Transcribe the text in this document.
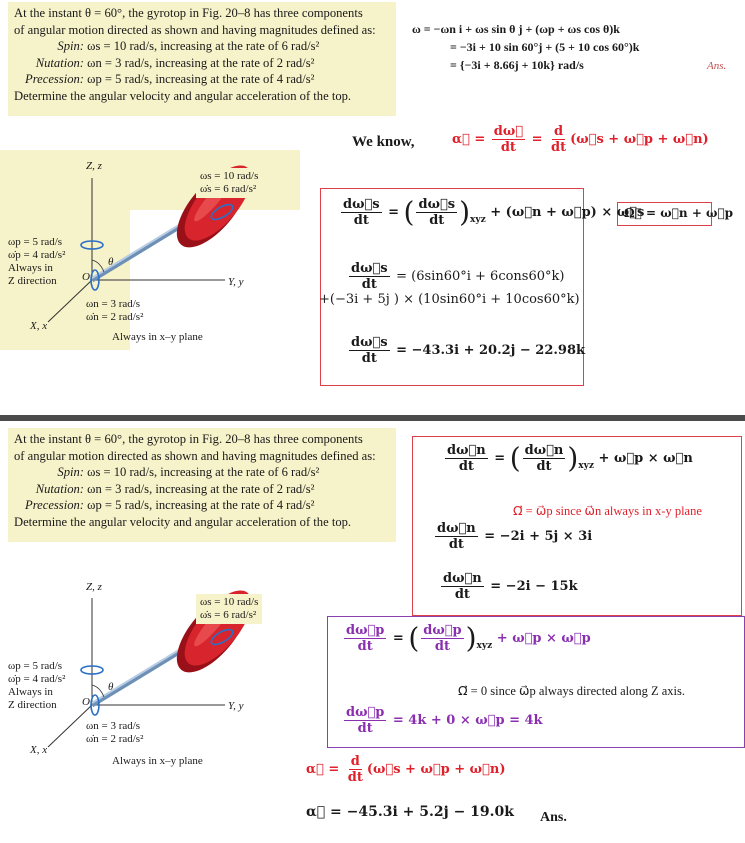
At the instant θ = 60°, the gyrotop in Fig. 20–8 has three components
of angular motion directed as shown and having magnitudes defined as:
Spin: ωs = 10 rad/s, increasing at the rate of 6 rad/s²
Nutation: ωn = 3 rad/s, increasing at the rate of 2 rad/s²
Precession: ωp = 5 rad/s, increasing at the rate of 4 rad/s²
Determine the angular velocity and angular acceleration of the top.
ω = −ωn i + ωs sin θ j + (ωp + ωs cos θ)k
= −3i + 10 sin 60°j + (5 + 10 cos 60°)k
= {−3i + 8.66j + 10k} rad/s	Ans.
We know,	α⃗ = $\frac{d\omega⃗}{dt} = \frac{d}{dt}$ (ω⃗s + ω⃗p + ω⃗n)
Z, z
ωs = 10 rad/s
ω̇s = 6 rad/s²
ωp = 5 rad/s
ω̇p = 4 rad/s²
Always in
Z direction	O
θ
Y, y
X, x
ωn = 3 rad/s
ω̇n = 2 rad/s²
Always in x–y plane
Ω⃗ = ω⃗n + ω⃗p
$\frac{d\omega⃗s}{dt}$ = ( $\frac{d\omega⃗s}{dt} )_{xyz}$ + (ω⃗n + ω⃗p) × ω⃗s
$\frac{d\omega⃗s}{dt} = (6\sin 60^\circ i$ + 6cons60°k)
+(−3i + 5j ) × (10sin60°i + 10cos60°k)
$\frac{d\omega⃗s}{dt} = -43.3i + 20.2j - 22.98k$
At the instant θ = 60°, the gyrotop in Fig. 20–8 has three components
of angular motion directed as shown and having magnitudes defined as:
Spin: ωs = 10 rad/s, increasing at the rate of 6 rad/s²
Nutation: ωn = 3 rad/s, increasing at the rate of 2 rad/s²
Precession: ωp = 5 rad/s, increasing at the rate of 4 rad/s²
Determine the angular velocity and angular acceleration of the top.
Z, z
ωs = 10 rad/s
ω̇s = 6 rad/s²
ωp = 5 rad/s
ω̇p = 4 rad/s²
Always in
Z direction	O
θ
Y, y
X, x
ωn = 3 rad/s
ω̇n = 2 rad/s²
Always in x–y plane
$\frac{d\omega⃗n}{dt}$ = ( $\frac{d\omega⃗n}{dt} )_{xyz}$ + ω⃗p × ω⃗n
Ω⃗ = ω⃗p since ω⃗n always in x-y plane
$\frac{d\omega⃗n}{dt} = -2i + 5j \times 3i$
$\frac{d\omega⃗n}{dt} = -2i - 15k$
$\frac{d\omega⃗p}{dt}$ = ( $\frac{d\omega⃗p}{dt} )_{xyz}$ + ω⃗p × ω⃗p
Ω⃗ = 0 since ω⃗p always directed along Z axis.
$\frac{d\omega⃗p}{dt} = 4k + 0$ × ω⃗p = 4k
α⃗ = $\frac{d}{dt}$ (ω⃗s + ω⃗p + ω⃗n)
α⃗ = −45.3i + 5.2j − 19.0k Ans.
